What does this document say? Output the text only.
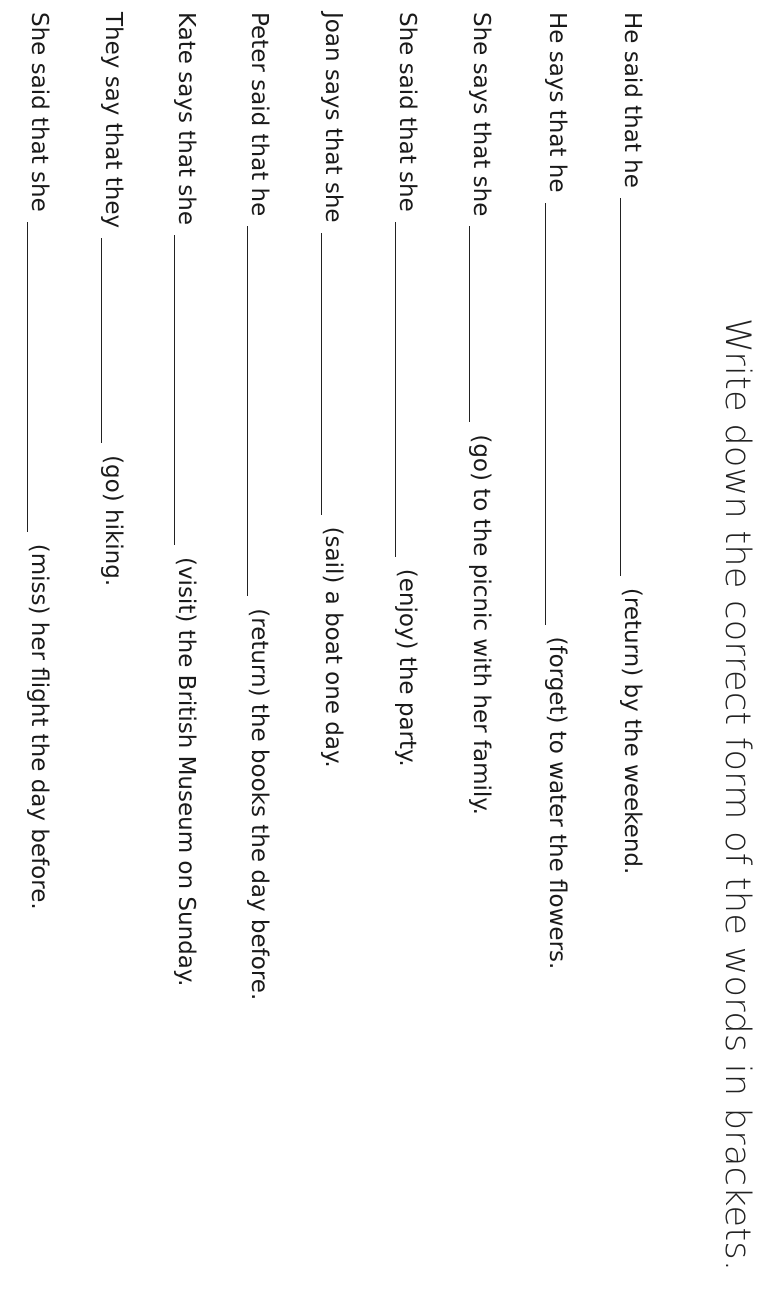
Write down the correct form of the words in brackets.
He said that he
(return) by the weekend.
He says that he
(forget) to water the flowers.
She says that she
(go) to the picnic with her family.
She said that she
(enjoy) the party.
Joan says that she
(sail) a boat one day.
Peter said that he
(return) the books the day before.
Kate says that she
(visit) the British Museum on Sunday.
They say that they
(go) hiking.
She said that she
(miss) her flight the day before.
